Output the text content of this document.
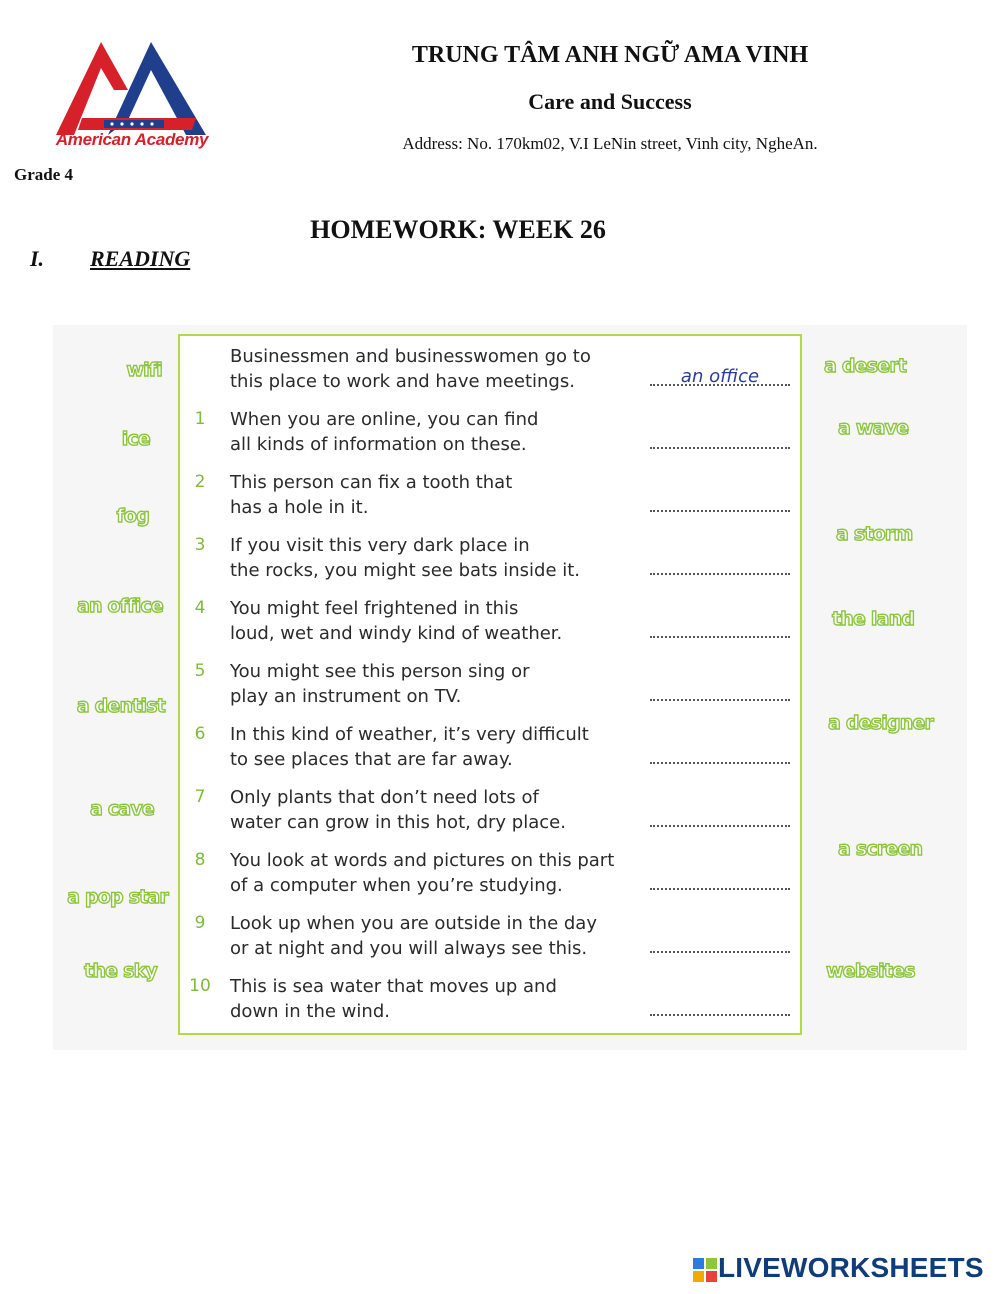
American Academy
TRUNG TÂM ANH NGỮ AMA VINH
Care and Success
Address: No. 170km02, V.I LeNin street, Vinh city, NgheAn.
Grade 4
HOMEWORK: WEEK 26
I. READING
wifi
ice
fog
an office
a dentist
a cave
a pop star
the sky
a desert
a wave
a storm
the land
a designer
a screen
websites
Businessmen and businesswomen go to
this place to work and have meetings.	an office
1	When you are online, you can find
all kinds of information on these.
2	This person can fix a tooth that
has a hole in it.
3	If you visit this very dark place in
the rocks, you might see bats inside it.
4	You might feel frightened in this
loud, wet and windy kind of weather.
5	You might see this person sing or
play an instrument on TV.
6	In this kind of weather, it’s very difficult
to see places that are far away.
7	Only plants that don’t need lots of
water can grow in this hot, dry place.
8	You look at words and pictures on this part
of a computer when you’re studying.
9	Look up when you are outside in the day
or at night and you will always see this.
10	This is sea water that moves up and
down in the wind.
LIVEWORKSHEETS
